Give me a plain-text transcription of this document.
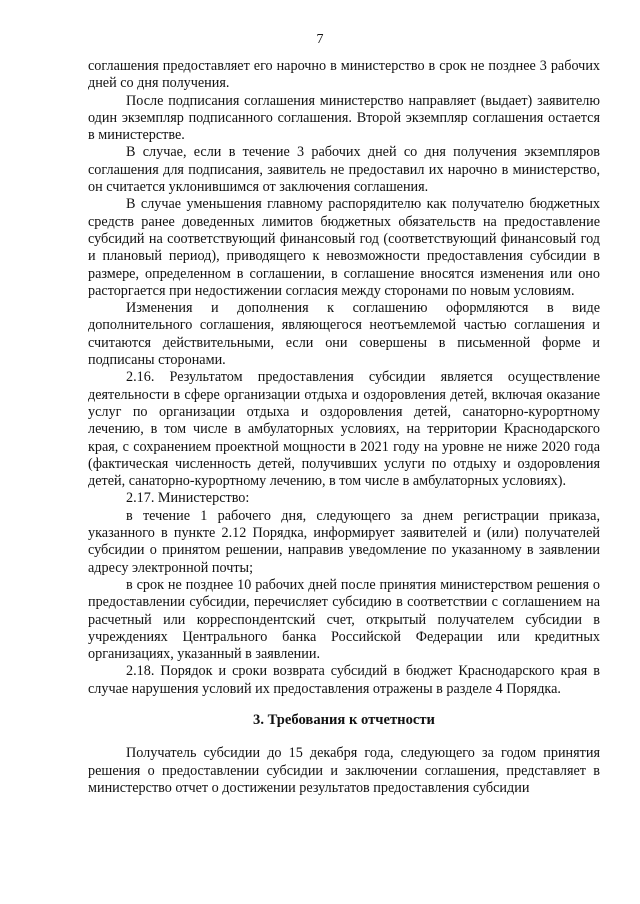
7

соглашения предоставляет его нарочно в министерство в срок не позднее 3 рабочих дней со дня получения.

После подписания соглашения министерство направляет (выдает) заявителю один экземпляр подписанного соглашения. Второй экземпляр соглашения остается в министерстве.

В случае, если в течение 3 рабочих дней со дня получения экземпляров соглашения для подписания, заявитель не предоставил их нарочно в министерство, он считается уклонившимся от заключения соглашения.

В случае уменьшения главному распорядителю как получателю бюджетных средств ранее доведенных лимитов бюджетных обязательств на предоставление субсидий на соответствующий финансовый год (соответствующий финансовый год и плановый период), приводящего к невозможности предоставления субсидии в размере, определенном в соглашении, в соглашение вносятся изменения или оно расторгается при недостижении согласия между сторонами по новым условиям.

Изменения и дополнения к соглашению оформляются в виде дополнительного соглашения, являющегося неотъемлемой частью соглашения и считаются действительными, если они совершены в письменной форме и подписаны сторонами.

2.16. Результатом предоставления субсидии является осуществление деятельности в сфере организации отдыха и оздоровления детей, включая оказание услуг по организации отдыха и оздоровления детей, санаторно-курортному лечению, в том числе в амбулаторных условиях, на территории Краснодарского края, с сохранением проектной мощности в 2021 году на уровне не ниже 2020 года (фактическая численность детей, получивших услуги по отдыху и оздоровления детей, санаторно-курортному лечению, в том числе в амбулаторных условиях).

2.17. Министерство:

в течение 1 рабочего дня, следующего за днем регистрации приказа, указанного в пункте 2.12 Порядка, информирует заявителей и (или) получателей субсидии о принятом решении, направив уведомление по указанному в заявлении адресу электронной почты;

в срок не позднее 10 рабочих дней после принятия министерством решения о предоставлении субсидии, перечисляет субсидию в соответствии с соглашением на расчетный или корреспондентский счет, открытый получателем субсидии в учреждениях Центрального банка Российской Федерации или кредитных организациях, указанный в заявлении.

2.18. Порядок и сроки возврата субсидий в бюджет Краснодарского края в случае нарушения условий их предоставления отражены в разделе 4 Порядка.

3. Требования к отчетности

Получатель субсидии до 15 декабря года, следующего за годом принятия решения о предоставлении субсидии и заключении соглашения, представляет в министерство отчет о достижении результатов предоставления субсидии
